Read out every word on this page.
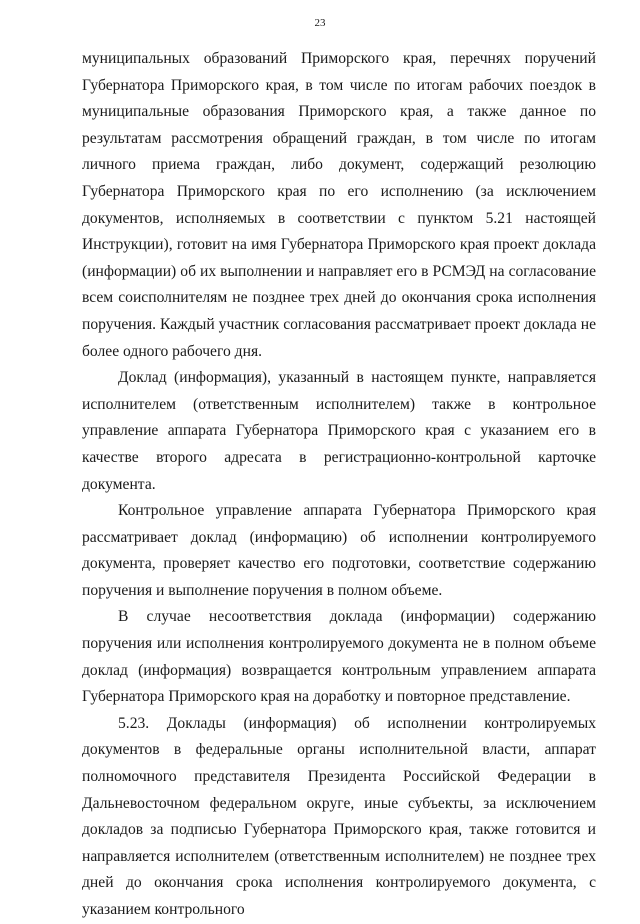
23

муниципальных образований Приморского края, перечнях поручений Губернатора Приморского края, в том числе по итогам рабочих поездок в муниципальные образования Приморского края, а также данное по результатам рассмотрения обращений граждан, в том числе по итогам личного приема граждан, либо документ, содержащий резолюцию Губернатора Приморского края по его исполнению (за исключением документов, исполняемых в соответствии с пунктом 5.21 настоящей Инструкции), готовит на имя Губернатора Приморского края проект доклада (информации) об их выполнении и направляет его в РСМЭД на согласование всем соисполнителям не позднее трех дней до окончания срока исполнения поручения. Каждый участник согласования рассматривает проект доклада не более одного рабочего дня.

Доклад (информация), указанный в настоящем пункте, направляется исполнителем (ответственным исполнителем) также в контрольное управление аппарата Губернатора Приморского края с указанием его в качестве второго адресата в регистрационно-контрольной карточке документа.

Контрольное управление аппарата Губернатора Приморского края рассматривает доклад (информацию) об исполнении контролируемого документа, проверяет качество его подготовки, соответствие содержанию поручения и выполнение поручения в полном объеме.

В случае несоответствия доклада (информации) содержанию поручения или исполнения контролируемого документа не в полном объеме доклад (информация) возвращается контрольным управлением аппарата Губернатора Приморского края на доработку и повторное представление.

5.23. Доклады (информация) об исполнении контролируемых документов в федеральные органы исполнительной власти, аппарат полномочного представителя Президента Российской Федерации в Дальневосточном федеральном округе, иные субъекты, за исключением докладов за подписью Губернатора Приморского края, также готовится и направляется исполнителем (ответственным исполнителем) не позднее трех дней до окончания срока исполнения контролируемого документа, с указанием контрольного
